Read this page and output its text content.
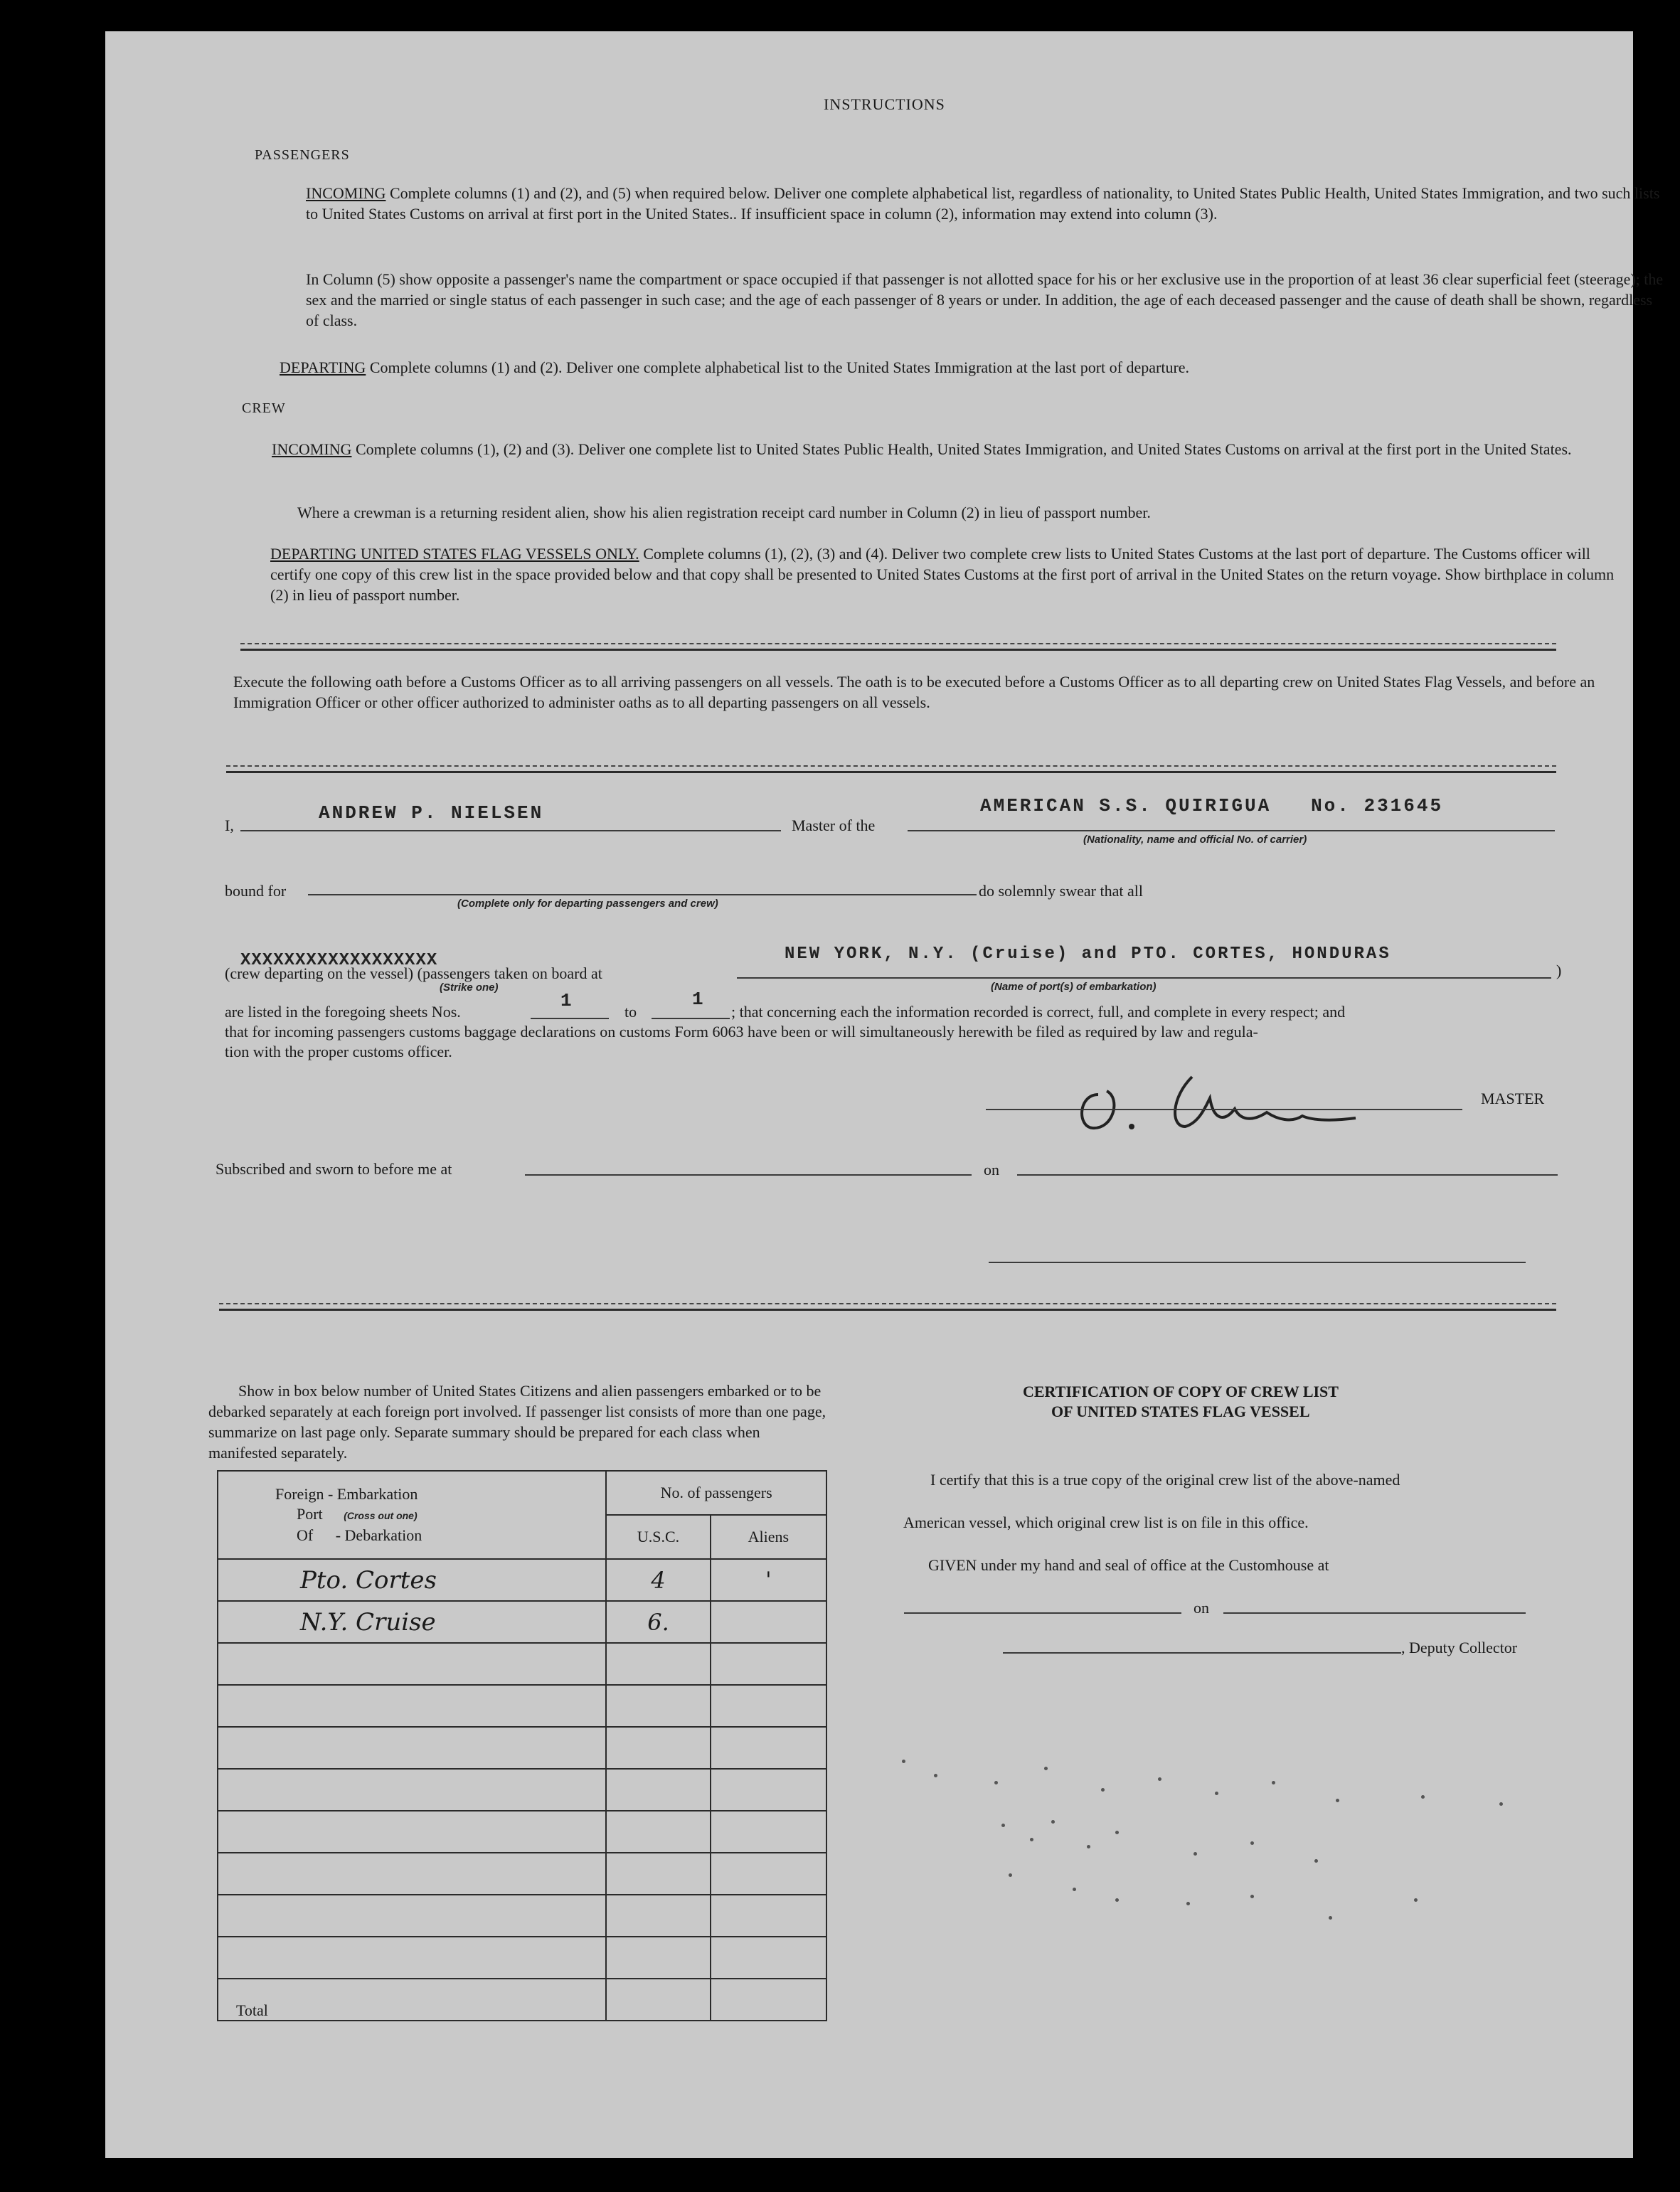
INSTRUCTIONS
PASSENGERS
INCOMING Complete columns (1) and (2), and (5) when required below. Deliver one complete alphabetical list, regardless of nationality, to United States Public Health, United States Immigration, and two such lists to United States Customs on arrival at first port in the United States.. If insufficient space in column (2), information may extend into column (3).
In Column (5) show opposite a passenger's name the compartment or space occupied if that passenger is not allotted space for his or her exclusive use in the proportion of at least 36 clear superficial feet (steerage); the sex and the married or single status of each passenger in such case; and the age of each passenger of 8 years or under. In addition, the age of each deceased passenger and the cause of death shall be shown, regardless of class.
DEPARTING Complete columns (1) and (2). Deliver one complete alphabetical list to the United States Immigration at the last port of departure.
CREW
INCOMING Complete columns (1), (2) and (3). Deliver one complete list to United States Public Health, United States Immigration, and United States Customs on arrival at the first port in the United States.
Where a crewman is a returning resident alien, show his alien registration receipt card number in Column (2) in lieu of passport number.
DEPARTING UNITED STATES FLAG VESSELS ONLY. Complete columns (1), (2), (3) and (4). Deliver two complete crew lists to United States Customs at the last port of departure. The Customs officer will certify one copy of this crew list in the space provided below and that copy shall be presented to United States Customs at the first port of arrival in the United States on the return voyage. Show birthplace in column (2) in lieu of passport number.
Execute the following oath before a Customs Officer as to all arriving passengers on all vessels. The oath is to be executed before a Customs Officer as to all departing crew on United States Flag Vessels, and before an Immigration Officer or other officer authorized to administer oaths as to all departing passengers on all vessels.
I,
ANDREW P. NIELSEN
Master of the
AMERICAN S.S. QUIRIGUA   No. 231645
(Nationality, name and official No. of carrier)
bound for
(Complete only for departing passengers and crew)
do solemnly swear that all
XXXXXXXXXXXXXXXXXX
(crew departing on the vessel) (passengers taken on board at
(Strike one)
NEW YORK, N.Y. (Cruise) and PTO. CORTES, HONDURAS
)
(Name of port(s) of embarkation)
are listed in the foregoing sheets Nos.
1
to
1
; that concerning each the information recorded is correct, full, and complete in every respect; and
that for incoming passengers customs baggage declarations on customs Form 6063 have been or will simultaneously herewith be filed as required by law and regula-
tion with the proper customs officer.
MASTER
Subscribed and sworn to before me at	on
Show in box below number of United States Citizens and alien passengers embarked or to be debarked separately at each foreign port involved. If passenger list consists of more than one page, summarize on last page only. Separate summary should be prepared for each class when manifested separately.
Foreign - Embarkation
Port (Cross out one)
Of - Debarkation	No. of passengers	
	U.S.C.	Aliens
Pto. Cortes	4	'
N.Y. Cruise	6.	

Total		
CERTIFICATION OF COPY OF CREW LIST
OF UNITED STATES FLAG VESSEL
I certify that this is a true copy of the original crew list of the above-named
American vessel, which original crew list is on file in this office.
GIVEN under my hand and seal of office at the Customhouse at
on
, Deputy Collector
